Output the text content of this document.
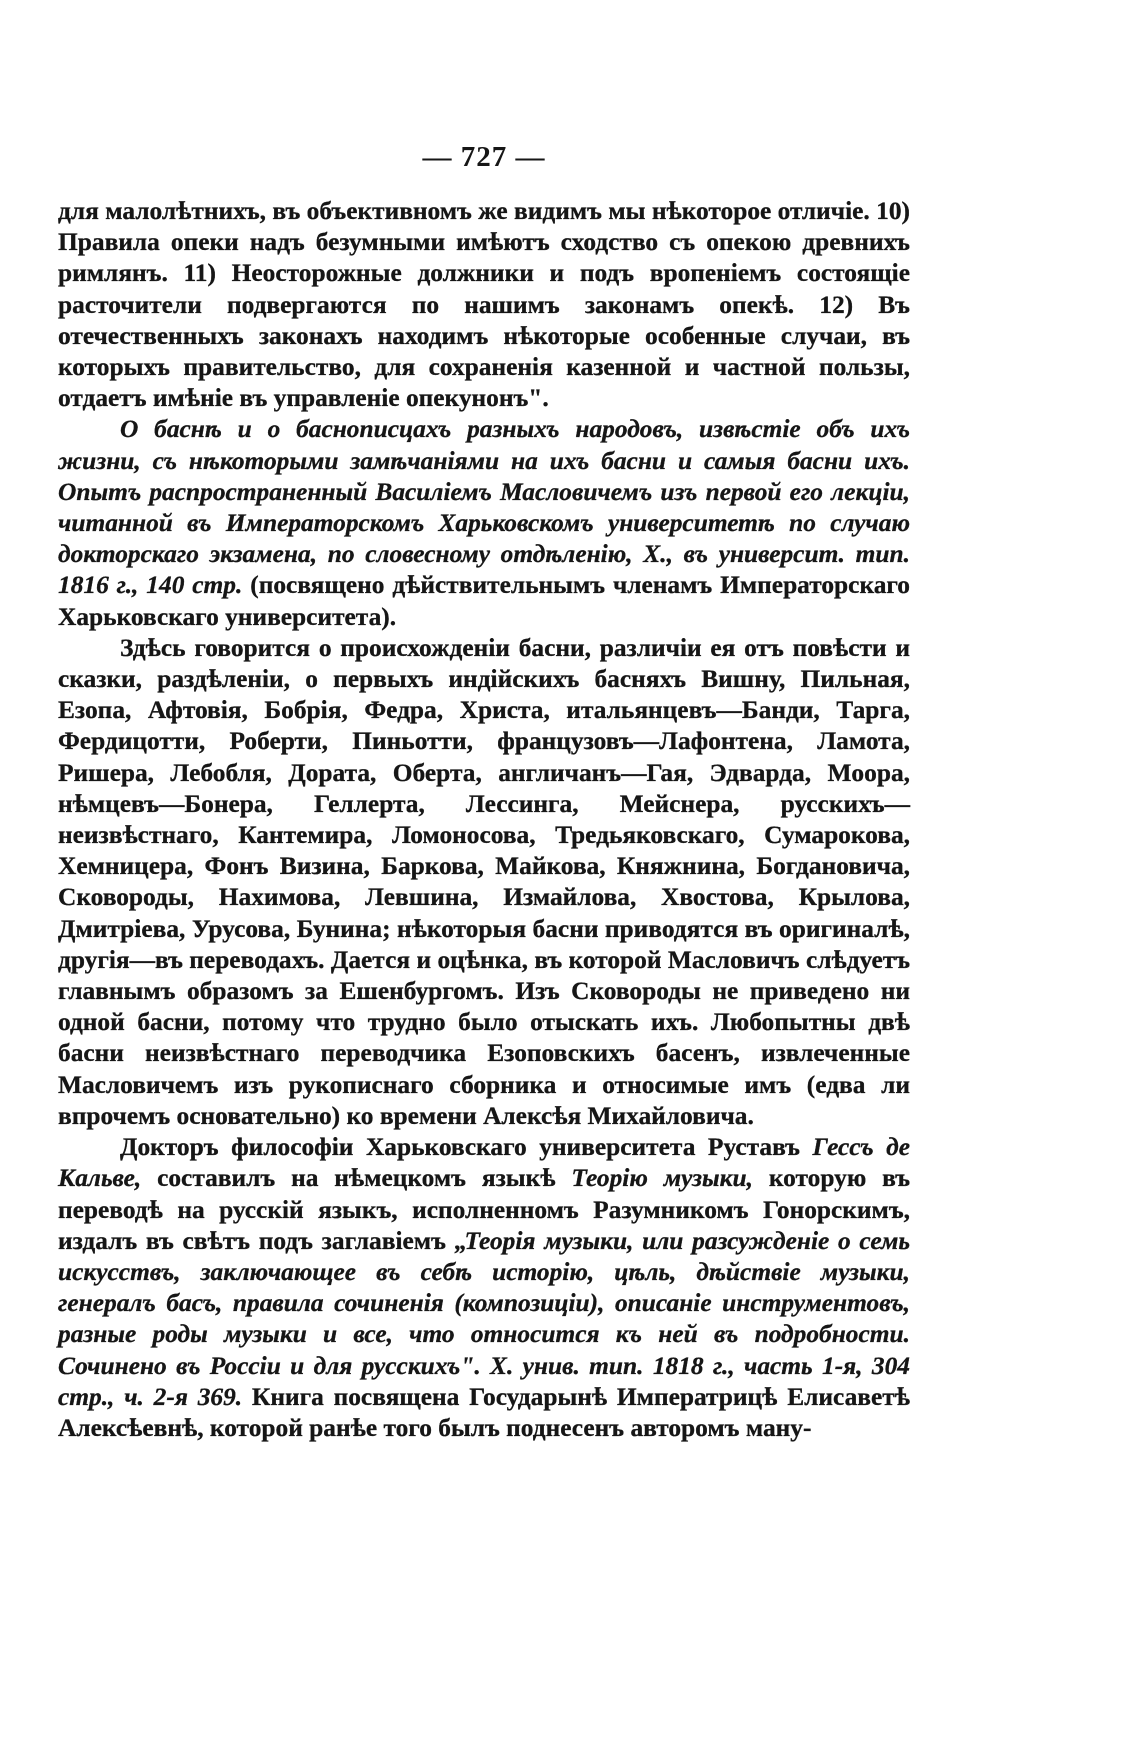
— 727 —

для малолѣтнихъ, въ объективномъ же видимъ мы нѣкоторое отличіе. 10) Правила опеки надъ безумными имѣютъ сходство съ опекою древнихъ римлянъ. 11) Неосторожные должники и подъ вропеніемъ состоящіе расточители подвергаются по нашимъ законамъ опекѣ. 12) Въ отечественныхъ законахъ находимъ нѣкоторые особенные случаи, въ которыхъ правительство, для сохраненія казенной и частной пользы, отдаетъ имѣніе въ управленіе опекунонъ".

О баснѣ и о баснописцахъ разныхъ народовъ, извѣстіе объ ихъ жизни, съ нѣкоторыми замѣчаніями на ихъ басни и самыя басни ихъ. Опытъ распространенный Василіемъ Масловичемъ изъ первой его лекціи, читанной въ Императорскомъ Харьковскомъ университетѣ по случаю докторскаго экзамена, по словесному отдѣленію, Х., въ университ. тип. 1816 г., 140 стр. (посвящено дѣйствительнымъ членамъ Императорскаго Харьковскаго университета).

Здѣсь говорится о происхожденіи басни, различіи ея отъ повѣсти и сказки, раздѣленіи, о первыхъ индійскихъ басняхъ Вишну, Пильная, Езопа, Афтовія, Бобрія, Федра, Христа, итальянцевъ—Банди, Тарга, Фердицотти, Роберти, Пиньотти, французовъ—Лафонтена, Ламота, Ришера, Лебобля, Дората, Оберта, англичанъ—Гая, Эдварда, Moopa, нѣмцевъ—Бонера, Геллерта, Лессинга, Мейснера, русскихъ—неизвѣстнаго, Кантемира, Ломоносова, Тредьяковскаго, Сумарокова, Хемницера, Фонъ Визина, Баркова, Майкова, Княжнина, Богдановича, Сковороды, Нахимова, Левшина, Измайлова, Хвостова, Крылова, Дмитріева, Урусова, Бунина; нѣкоторыя басни приводятся въ оригиналѣ, другія—въ переводахъ. Дается и оцѣнка, въ которой Масловичъ слѣдуетъ главнымъ образомъ за Ешенбургомъ. Изъ Сковороды не приведено ни одной басни, потому что трудно было отыскать ихъ. Любопытны двѣ басни неизвѣстнаго переводчика Езоповскихъ басенъ, извлеченные Масловичемъ изъ рукописнаго сборника и относимые имъ (едва ли впрочемъ основательно) ко времени Алексѣя Михайловича.

Докторъ философіи Харьковскаго университета Руставъ Гессъ де Кальве, составилъ на нѣмецкомъ языкѣ Теорію музыки, которую въ переводѣ на русскій языкъ, исполненномъ Разумникомъ Гонорскимъ, издалъ въ свѣтъ подъ заглавіемъ „Теорія музыки, или разсужденіе о семь искусствъ, заключающее въ себѣ исторію, цѣль, дѣйствіе музыки, генералъ басъ, правила сочиненія (композиціи), описаніе инструментовъ, разные роды музыки и все, что относится къ ней въ подробности. Сочинено въ Россіи и для русскихъ". Х. унив. тип. 1818 г., часть 1-я, 304 стр., ч. 2-я 369. Книга посвящена Государынѣ Императрицѣ Елисаветѣ Алексѣевнѣ, которой ранѣе того былъ поднесенъ авторомъ ману-
